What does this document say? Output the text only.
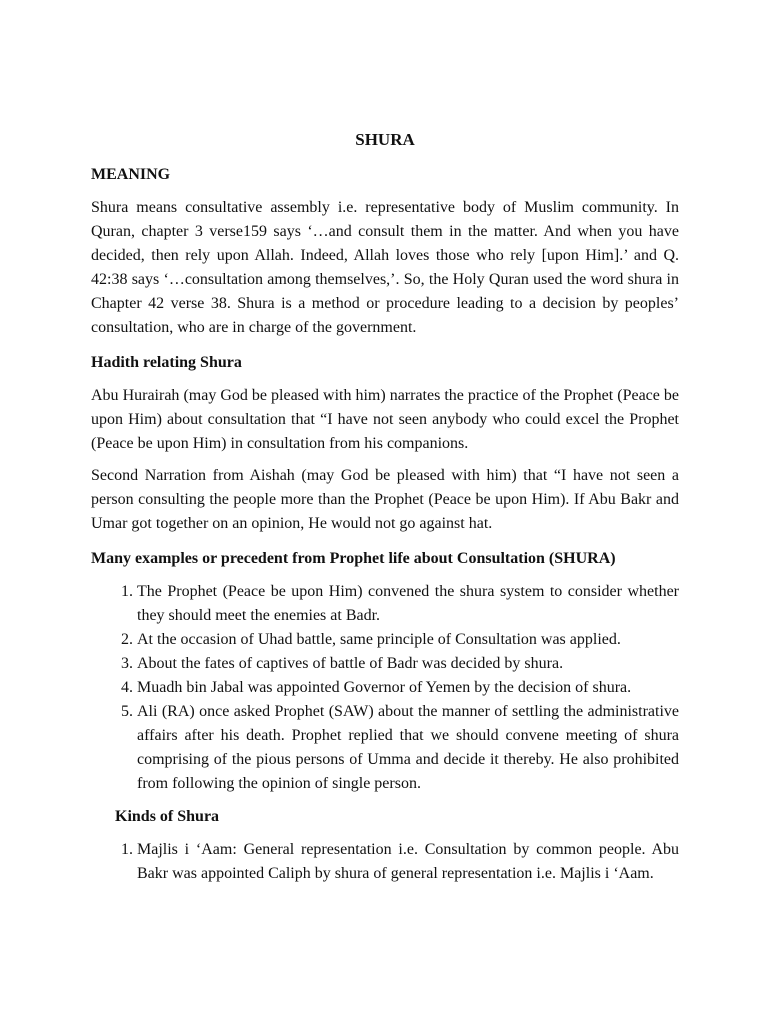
SHURA
MEANING
Shura means consultative assembly i.e. representative body of Muslim community. In Quran, chapter 3 verse159 says ‘…and consult them in the matter. And when you have decided, then rely upon Allah. Indeed, Allah loves those who rely [upon Him].’ and Q. 42:38 says ‘…consultation among themselves,’. So, the Holy Quran used the word shura in Chapter 42 verse 38. Shura is a method or procedure leading to a decision by peoples’ consultation, who are in charge of the government.
Hadith relating Shura
Abu Hurairah (may God be pleased with him) narrates the practice of the Prophet (Peace be upon Him) about consultation that “I have not seen anybody who could excel the Prophet (Peace be upon Him) in consultation from his companions.
Second Narration from Aishah (may God be pleased with him) that “I have not seen a person consulting the people more than the Prophet (Peace be upon Him). If Abu Bakr and Umar got together on an opinion, He would not go against hat.
Many examples or precedent from Prophet life about Consultation (SHURA)
1. The Prophet (Peace be upon Him) convened the shura system to consider whether they should meet the enemies at Badr.
2. At the occasion of Uhad battle, same principle of Consultation was applied.
3. About the fates of captives of battle of Badr was decided by shura.
4. Muadh bin Jabal was appointed Governor of Yemen by the decision of shura.
5. Ali (RA) once asked Prophet (SAW) about the manner of settling the administrative affairs after his death. Prophet replied that we should convene meeting of shura comprising of the pious persons of Umma and decide it thereby. He also prohibited from following the opinion of single person.
Kinds of Shura
1. Majlis i ‘Aam: General representation i.e. Consultation by common people. Abu Bakr was appointed Caliph by shura of general representation i.e. Majlis i ‘Aam.
